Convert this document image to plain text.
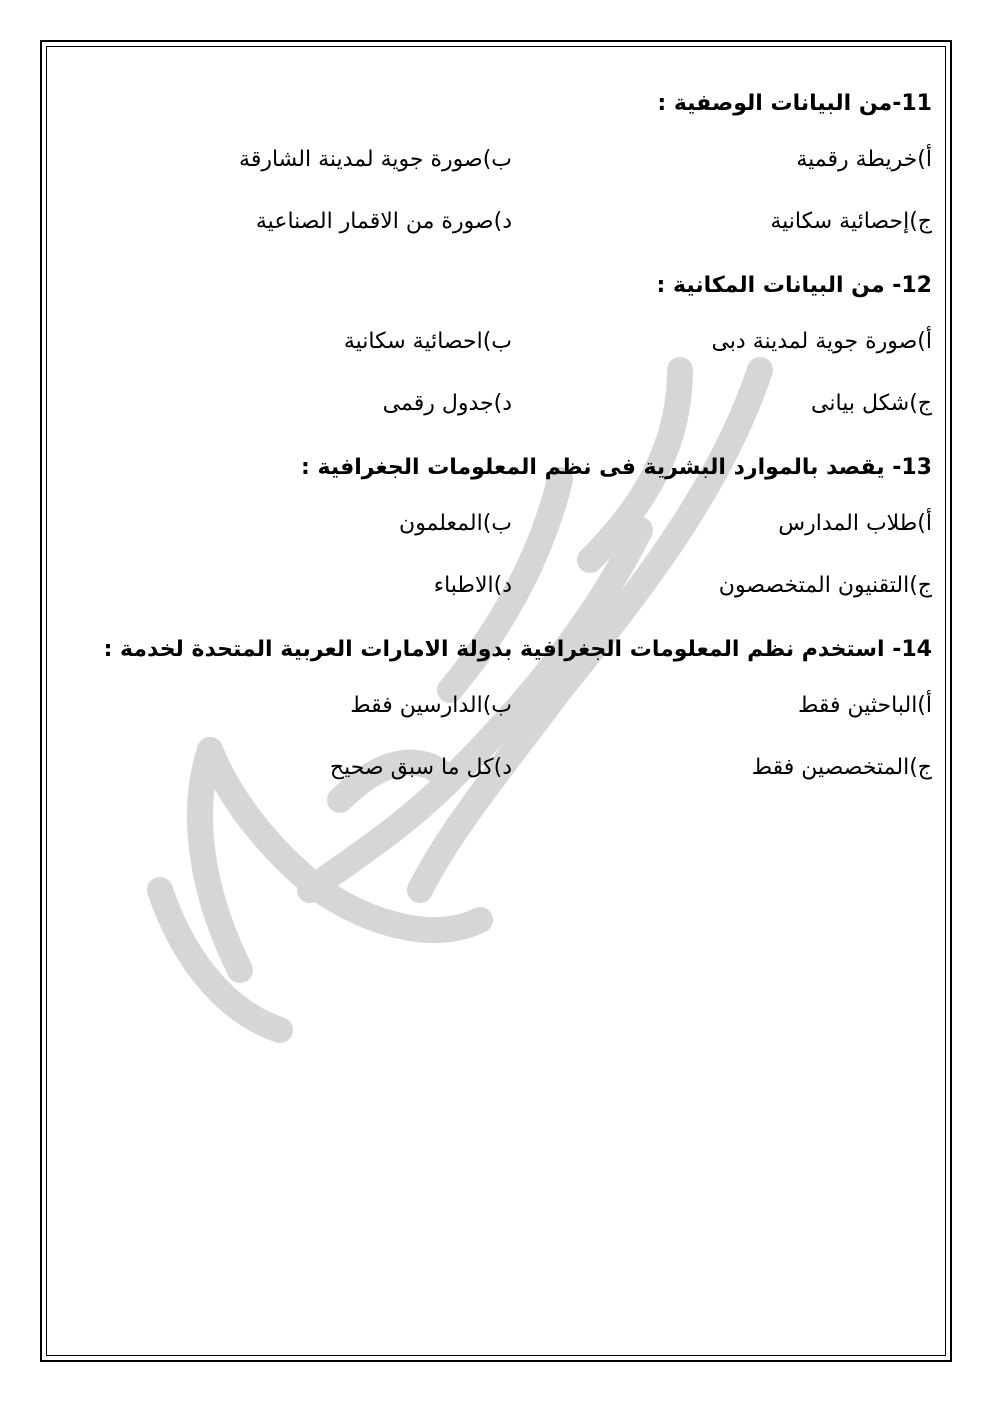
11-من البيانات الوصفية :
أ)خريطة رقمية
ب)صورة جوية لمدينة الشارقة
ج)إحصائية سكانية
د)صورة من الاقمار الصناعية
12- من البيانات المكانية :
أ)صورة جوية لمدينة دبى
ب)احصائية سكانية
ج)شكل بيانى
د)جدول رقمى
13- يقصد بالموارد البشرية فى نظم المعلومات الجغرافية :
أ)طلاب المدارس
ب)المعلمون
ج)التقنيون المتخصصون
د)الاطباء
14- استخدم نظم المعلومات الجغرافية بدولة الامارات العربية المتحدة لخدمة :
أ)الباحثين فقط
ب)الدارسين فقط
ج)المتخصصين فقط
د)كل ما سبق صحيح
